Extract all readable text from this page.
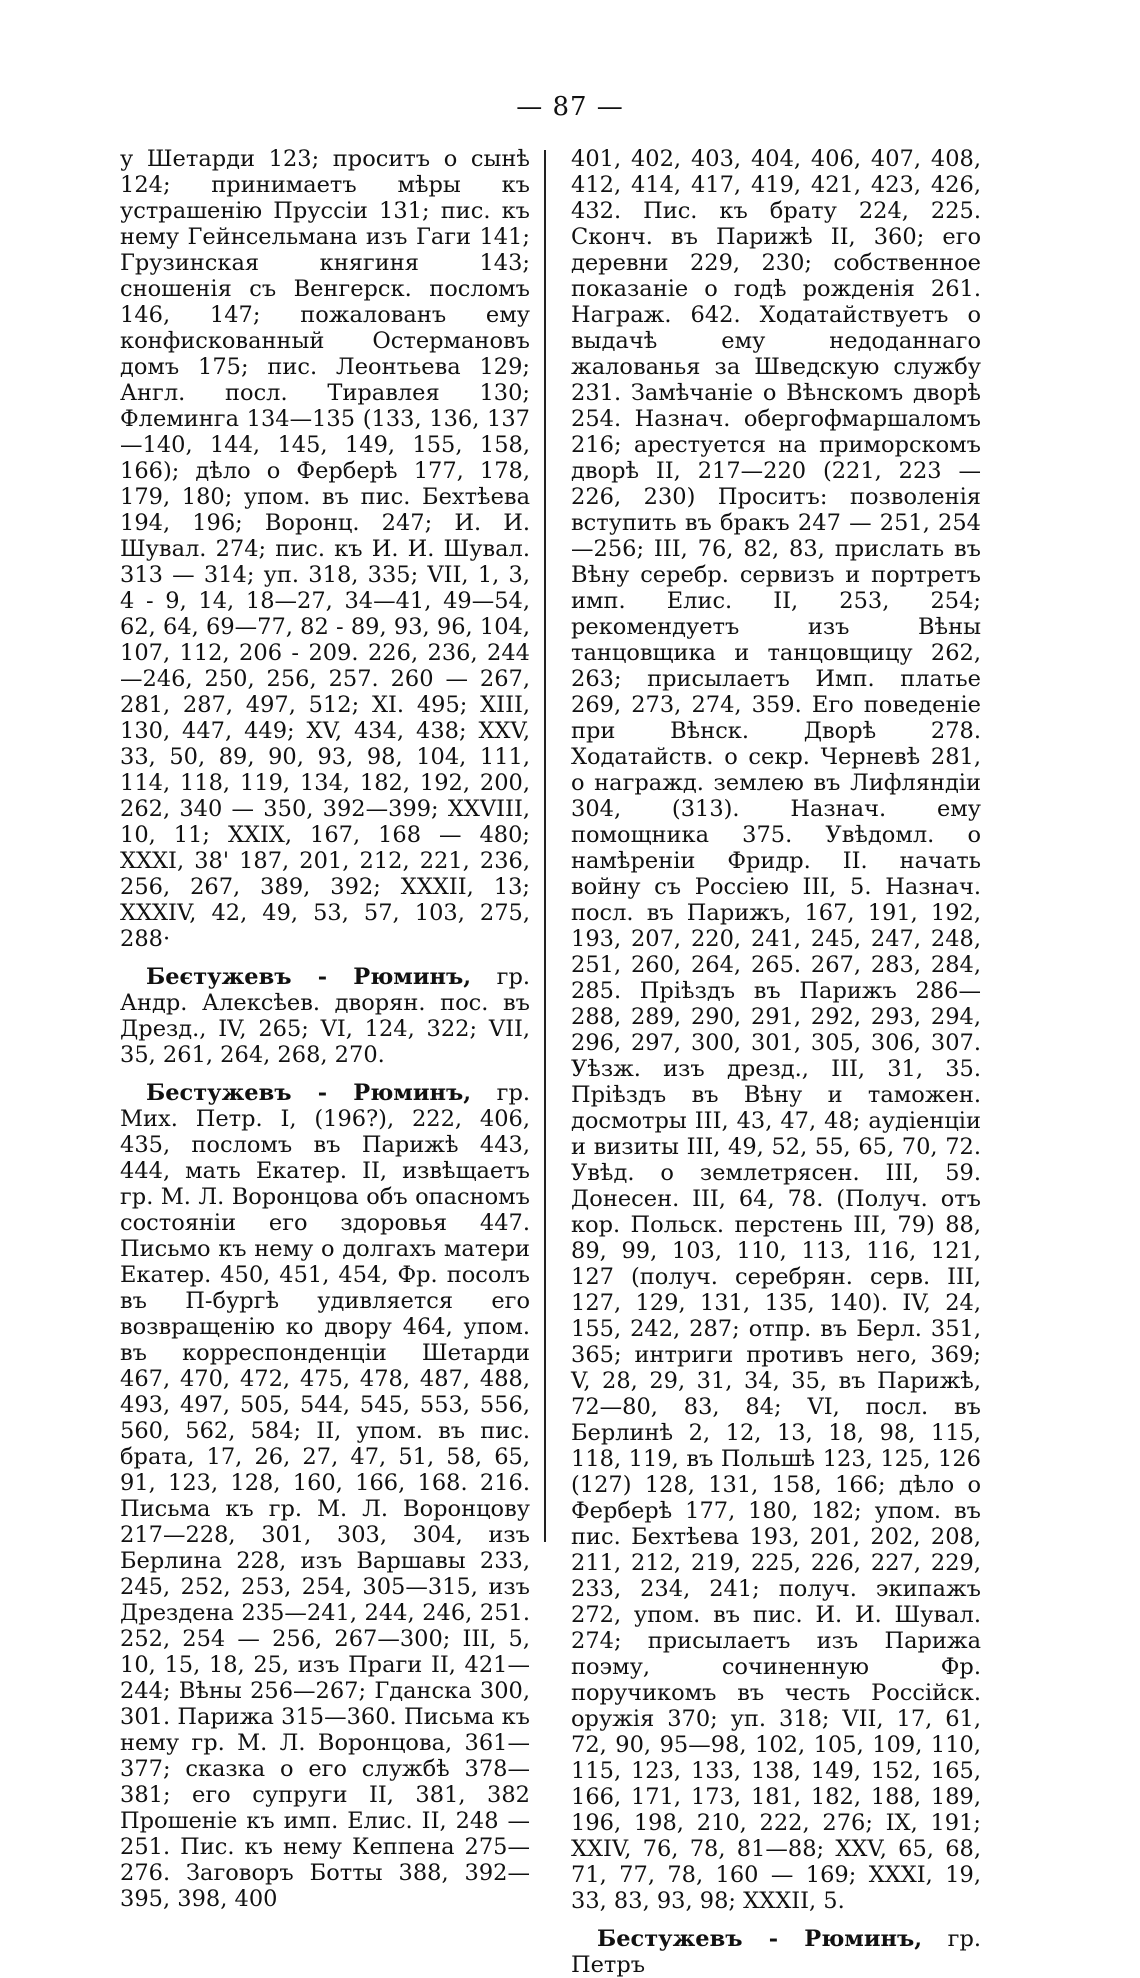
— 87 —

у Шетарди 123; проситъ о сынѣ 124; принимаетъ мѣры къ устрашенію Пруссіи 131; пис. къ нему Гейнсельмана изъ Гаги 141; Грузинская княгиня 143; сношенія съ Венгерск. посломъ 146, 147; пожалованъ ему конфискованный Остермановъ домъ 175; пис. Леонтьева 129; Англ. посл. Тиравлея 130; Флеминга 134—135 (133, 136, 137—140, 144, 145, 149, 155, 158, 166); дѣло о Ферберѣ 177, 178, 179, 180; упом. въ пис. Бехтѣева 194, 196; Воронц. 247; И. И. Шувал. 274; пис. къ И. И. Шувал. 313 — 314; уп. 318, 335; VII, 1, 3, 4 - 9, 14, 18—27, 34—41, 49—54, 62, 64, 69—77, 82 - 89, 93, 96, 104, 107, 112, 206 - 209. 226, 236, 244—246, 250, 256, 257. 260 — 267, 281, 287, 497, 512; XI. 495; XIII, 130, 447, 449; XV, 434, 438; XXV, 33, 50, 89, 90, 93, 98, 104, 111, 114, 118, 119, 134, 182, 192, 200, 262, 340 — 350, 392—399; XXVIII, 10, 11; XXIX, 167, 168 — 480; XXXI, 38' 187, 201, 212, 221, 236, 256, 267, 389, 392; XXXII, 13; XXXIV, 42, 49, 53, 57, 103, 275, 288·

Беєтужевъ - Рюминъ, гр. Андр. Алексѣев. дворян. пос. въ Дрезд., IV, 265; VI, 124, 322; VII, 35, 261, 264, 268, 270.

Бестужевъ - Рюминъ, гр. Мих. Петр. I, (196?), 222, 406, 435, посломъ въ Парижѣ 443, 444, мать Екатер. II, извѣщаетъ гр. М. Л. Воронцова объ опасномъ состояніи его здоровья 447. Письмо къ нему о долгахъ матери Екатер. 450, 451, 454, Фр. посолъ въ П-бургѣ удивляется его возвращенію ко двору 464, упом. въ корреспонденціи Шетарди 467, 470, 472, 475, 478, 487, 488, 493, 497, 505, 544, 545, 553, 556, 560, 562, 584; II, упом. въ пис. брата, 17, 26, 27, 47, 51, 58, 65, 91, 123, 128, 160, 166, 168. 216. Письма къ гр. М. Л. Воронцову 217—228, 301, 303, 304, изъ Берлина 228, изъ Варшавы 233, 245, 252, 253, 254, 305—315, изъ Дрездена 235—241, 244, 246, 251. 252, 254 — 256, 267—300; III, 5, 10, 15, 18, 25, изъ Праги II, 421—244; Вѣны 256—267; Гданска 300, 301. Парижа 315—360. Письма къ нему гр. М. Л. Воронцова, 361—377; сказка о его службѣ 378—381; его супруги II, 381, 382 Прошеніе къ имп. Елис. II, 248 — 251. Пис. къ нему Кеппена 275—276. Заговоръ Ботты 388, 392—395, 398, 400

401, 402, 403, 404, 406, 407, 408, 412, 414, 417, 419, 421, 423, 426, 432. Пис. къ брату 224, 225. Сконч. въ Парижѣ II, 360; его деревни 229, 230; собственное показаніе о годѣ рожденія 261. Награж. 642. Ходатайствуетъ о выдачѣ ему недоданнаго жалованья за Шведскую службу 231. Замѣчаніе о Вѣнскомъ дворѣ 254. Назнач. обергофмаршаломъ 216; арестуется на приморскомъ дворѣ II, 217—220 (221, 223 — 226, 230) Проситъ: позволенія вступить въ бракъ 247 — 251, 254—256; III, 76, 82, 83, прислать въ Вѣну серебр. сервизъ и портретъ имп. Елис. II, 253, 254; рекомендуетъ изъ Вѣны танцовщика и танцовщицу 262, 263; присылаетъ Имп. платье 269, 273, 274, 359. Его поведеніе при Вѣнск. Дворѣ 278. Ходатайств. о секр. Черневѣ 281, о награжд. землею въ Лифляндіи 304, (313). Назнач. ему помощника 375. Увѣдомл. о намѣреніи Фридр. II. начать войну съ Россіею III, 5. Назнач. посл. въ Парижъ, 167, 191, 192, 193, 207, 220, 241, 245, 247, 248, 251, 260, 264, 265. 267, 283, 284, 285. Пріѣздъ въ Парижъ 286—288, 289, 290, 291, 292, 293, 294, 296, 297, 300, 301, 305, 306, 307. Уѣзж. изъ дрезд., III, 31, 35. Пріѣздъ въ Вѣну и таможен. досмотры III, 43, 47, 48; аудіенціи и визиты III, 49, 52, 55, 65, 70, 72. Увѣд. о землетрясен. III, 59. Донесен. III, 64, 78. (Получ. отъ кор. Польск. перстень III, 79) 88, 89, 99, 103, 110, 113, 116, 121, 127 (получ. серебрян. серв. III, 127, 129, 131, 135, 140). IV, 24, 155, 242, 287; отпр. въ Берл. 351, 365; интриги противъ него, 369; V, 28, 29, 31, 34, 35, въ Парижѣ, 72—80, 83, 84; VI, посл. въ Берлинѣ 2, 12, 13, 18, 98, 115, 118, 119, въ Польшѣ 123, 125, 126 (127) 128, 131, 158, 166; дѣло о Ферберѣ 177, 180, 182; упом. въ пис. Бехтѣева 193, 201, 202, 208, 211, 212, 219, 225, 226, 227, 229, 233, 234, 241; получ. экипажъ 272, упом. въ пис. И. И. Шувал. 274; присылаетъ изъ Парижа поэму, сочиненную Фр. поручикомъ въ честь Россійск. оружія 370; уп. 318; VII, 17, 61, 72, 90, 95—98, 102, 105, 109, 110, 115, 123, 133, 138, 149, 152, 165, 166, 171, 173, 181, 182, 188, 189, 196, 198, 210, 222, 276; IX, 191; XXIV, 76, 78, 81—88; XXV, 65, 68, 71, 77, 78, 160 — 169; XXXI, 19, 33, 83, 93, 98; XXXII, 5.

Бестужевъ - Рюминъ, гр. Петръ
